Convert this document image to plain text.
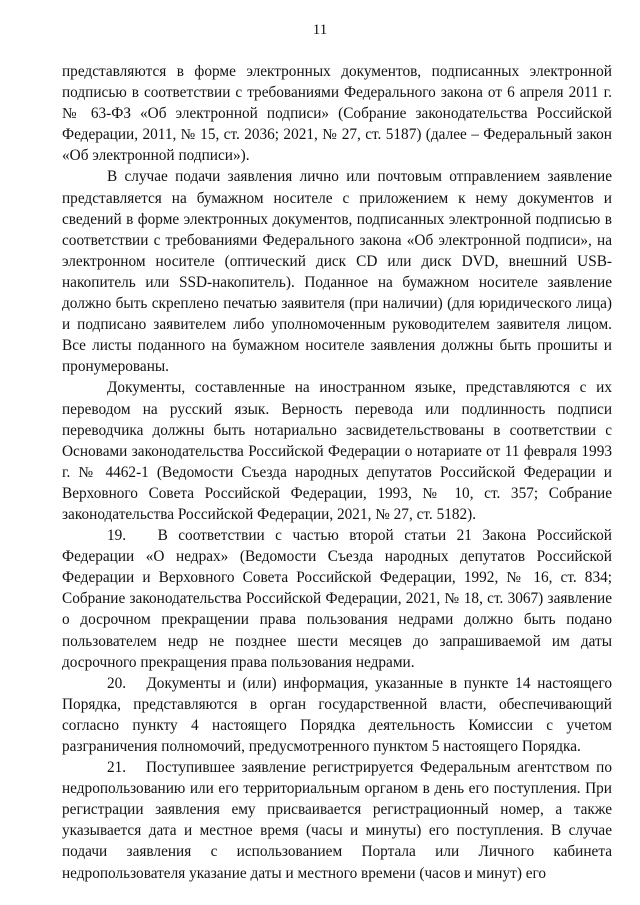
11

представляются в форме электронных документов, подписанных электронной подписью в соответствии с требованиями Федерального закона от 6 апреля 2011 г. № 63-ФЗ «Об электронной подписи» (Собрание законодательства Российской Федерации, 2011, № 15, ст. 2036; 2021, № 27, ст. 5187) (далее – Федеральный закон «Об электронной подписи»).

В случае подачи заявления лично или почтовым отправлением заявление представляется на бумажном носителе с приложением к нему документов и сведений в форме электронных документов, подписанных электронной подписью в соответствии с требованиями Федерального закона «Об электронной подписи», на электронном носителе (оптический диск CD или диск DVD, внешний USB-накопитель или SSD-накопитель). Поданное на бумажном носителе заявление должно быть скреплено печатью заявителя (при наличии) (для юридического лица) и подписано заявителем либо уполномоченным руководителем заявителя лицом. Все листы поданного на бумажном носителе заявления должны быть прошиты и пронумерованы.

Документы, составленные на иностранном языке, представляются с их переводом на русский язык. Верность перевода или подлинность подписи переводчика должны быть нотариально засвидетельствованы в соответствии с Основами законодательства Российской Федерации о нотариате от 11 февраля 1993 г. № 4462-1 (Ведомости Съезда народных депутатов Российской Федерации и Верховного Совета Российской Федерации, 1993, № 10, ст. 357; Собрание законодательства Российской Федерации, 2021, № 27, ст. 5182).

19.   В соответствии с частью второй статьи 21 Закона Российской Федерации «О недрах» (Ведомости Съезда народных депутатов Российской Федерации и Верховного Совета Российской Федерации, 1992, № 16, ст. 834; Собрание законодательства Российской Федерации, 2021, № 18, ст. 3067) заявление о досрочном прекращении права пользования недрами должно быть подано пользователем недр не позднее шести месяцев до запрашиваемой им даты досрочного прекращения права пользования недрами.

20.   Документы и (или) информация, указанные в пункте 14 настоящего Порядка, представляются в орган государственной власти, обеспечивающий согласно пункту 4 настоящего Порядка деятельность Комиссии с учетом разграничения полномочий, предусмотренного пунктом 5 настоящего Порядка.

21.   Поступившее заявление регистрируется Федеральным агентством по недропользованию или его территориальным органом в день его поступления. При регистрации заявления ему присваивается регистрационный номер, а также указывается дата и местное время (часы и минуты) его поступления. В случае подачи заявления с использованием Портала или Личного кабинета недропользователя указание даты и местного времени (часов и минут) его
